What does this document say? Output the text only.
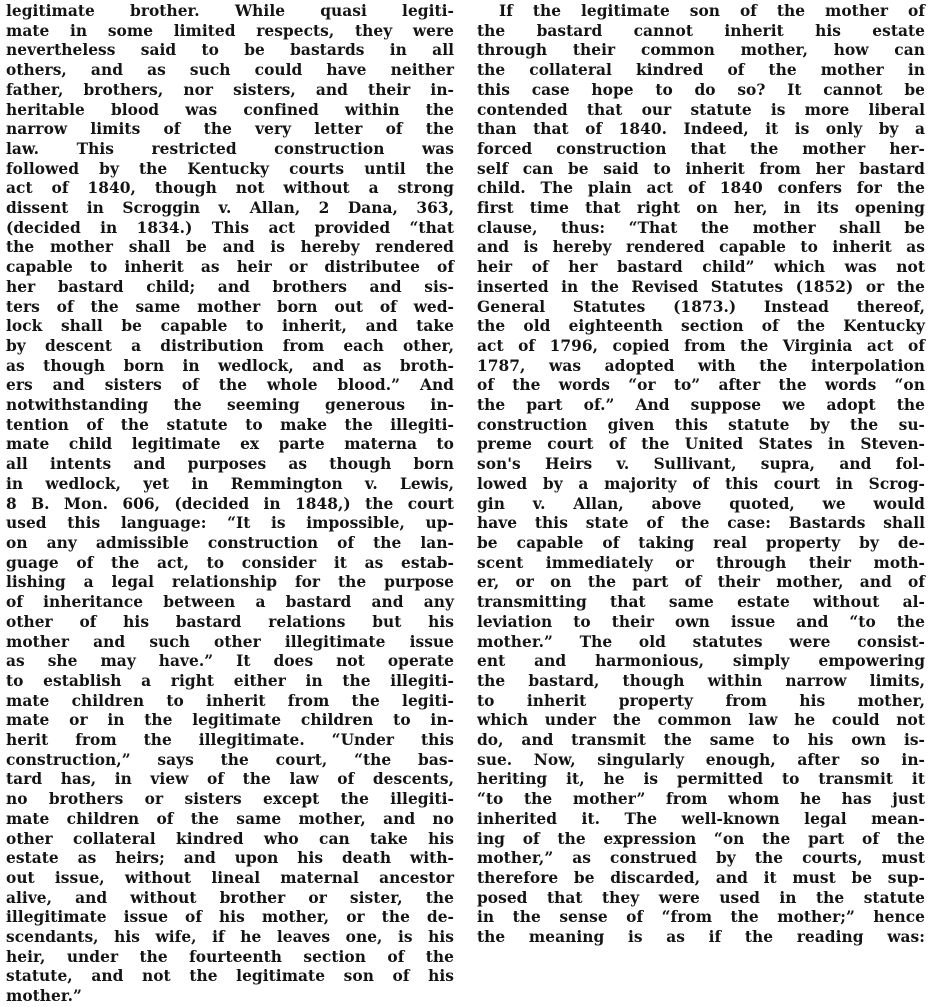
legitimate brother. While quasi legiti-
mate in some limited respects, they were
nevertheless said to be bastards in all
others, and as such could have neither
father, brothers, nor sisters, and their in-
heritable blood was confined within the
narrow limits of the very letter of the
law. This restricted construction was
followed by the Kentucky courts until the
act of 1840, though not without a strong
dissent in Scroggin v. Allan, 2 Dana, 363,
(decided in 1834.) This act provided “that
the mother shall be and is hereby rendered
capable to inherit as heir or distributee of
her bastard child; and brothers and sis-
ters of the same mother born out of wed-
lock shall be capable to inherit, and take
by descent a distribution from each other,
as though born in wedlock, and as broth-
ers and sisters of the whole blood.” And
notwithstanding the seeming generous in-
tention of the statute to make the illegiti-
mate child legitimate ex parte materna to
all intents and purposes as though born
in wedlock, yet in Remmington v. Lewis,
8 B. Mon. 606, (decided in 1848,) the court
used this language: “It is impossible, up-
on any admissible construction of the lan-
guage of the act, to consider it as estab-
lishing a legal relationship for the purpose
of inheritance between a bastard and any
other of his bastard relations but his
mother and such other illegitimate issue
as she may have.” It does not operate
to establish a right either in the illegiti-
mate children to inherit from the legiti-
mate or in the legitimate children to in-
herit from the illegitimate. “Under this
construction,” says the court, “the bas-
tard has, in view of the law of descents,
no brothers or sisters except the illegiti-
mate children of the same mother, and no
other collateral kindred who can take his
estate as heirs; and upon his death with-
out issue, without lineal maternal ancestor
alive, and without brother or sister, the
illegitimate issue of his mother, or the de-
scendants, his wife, if he leaves one, is his
heir, under the fourteenth section of the
statute, and not the legitimate son of his
mother.”
If the legitimate son of the mother of
the bastard cannot inherit his estate
through their common mother, how can
the collateral kindred of the mother in
this case hope to do so? It cannot be
contended that our statute is more liberal
than that of 1840. Indeed, it is only by a
forced construction that the mother her-
self can be said to inherit from her bastard
child. The plain act of 1840 confers for the
first time that right on her, in its opening
clause, thus: “That the mother shall be
and is hereby rendered capable to inherit as
heir of her bastard child” which was not
inserted in the Revised Statutes (1852) or the
General Statutes (1873.) Instead thereof,
the old eighteenth section of the Kentucky
act of 1796, copied from the Virginia act of
1787, was adopted with the interpolation
of the words “or to” after the words “on
the part of.” And suppose we adopt the
construction given this statute by the su-
preme court of the United States in Steven-
son's Heirs v. Sullivant, supra, and fol-
lowed by a majority of this court in Scrog-
gin v. Allan, above quoted, we would
have this state of the case: Bastards shall
be capable of taking real property by de-
scent immediately or through their moth-
er, or on the part of their mother, and of
transmitting that same estate without al-
leviation to their own issue and “to the
mother.” The old statutes were consist-
ent and harmonious, simply empowering
the bastard, though within narrow limits,
to inherit property from his mother,
which under the common law he could not
do, and transmit the same to his own is-
sue. Now, singularly enough, after so in-
heriting it, he is permitted to transmit it
“to the mother” from whom he has just
inherited it. The well-known legal mean-
ing of the expression “on the part of the
mother,” as construed by the courts, must
therefore be discarded, and it must be sup-
posed that they were used in the statute
in the sense of “from the mother;” hence
the meaning is as if the reading was:
